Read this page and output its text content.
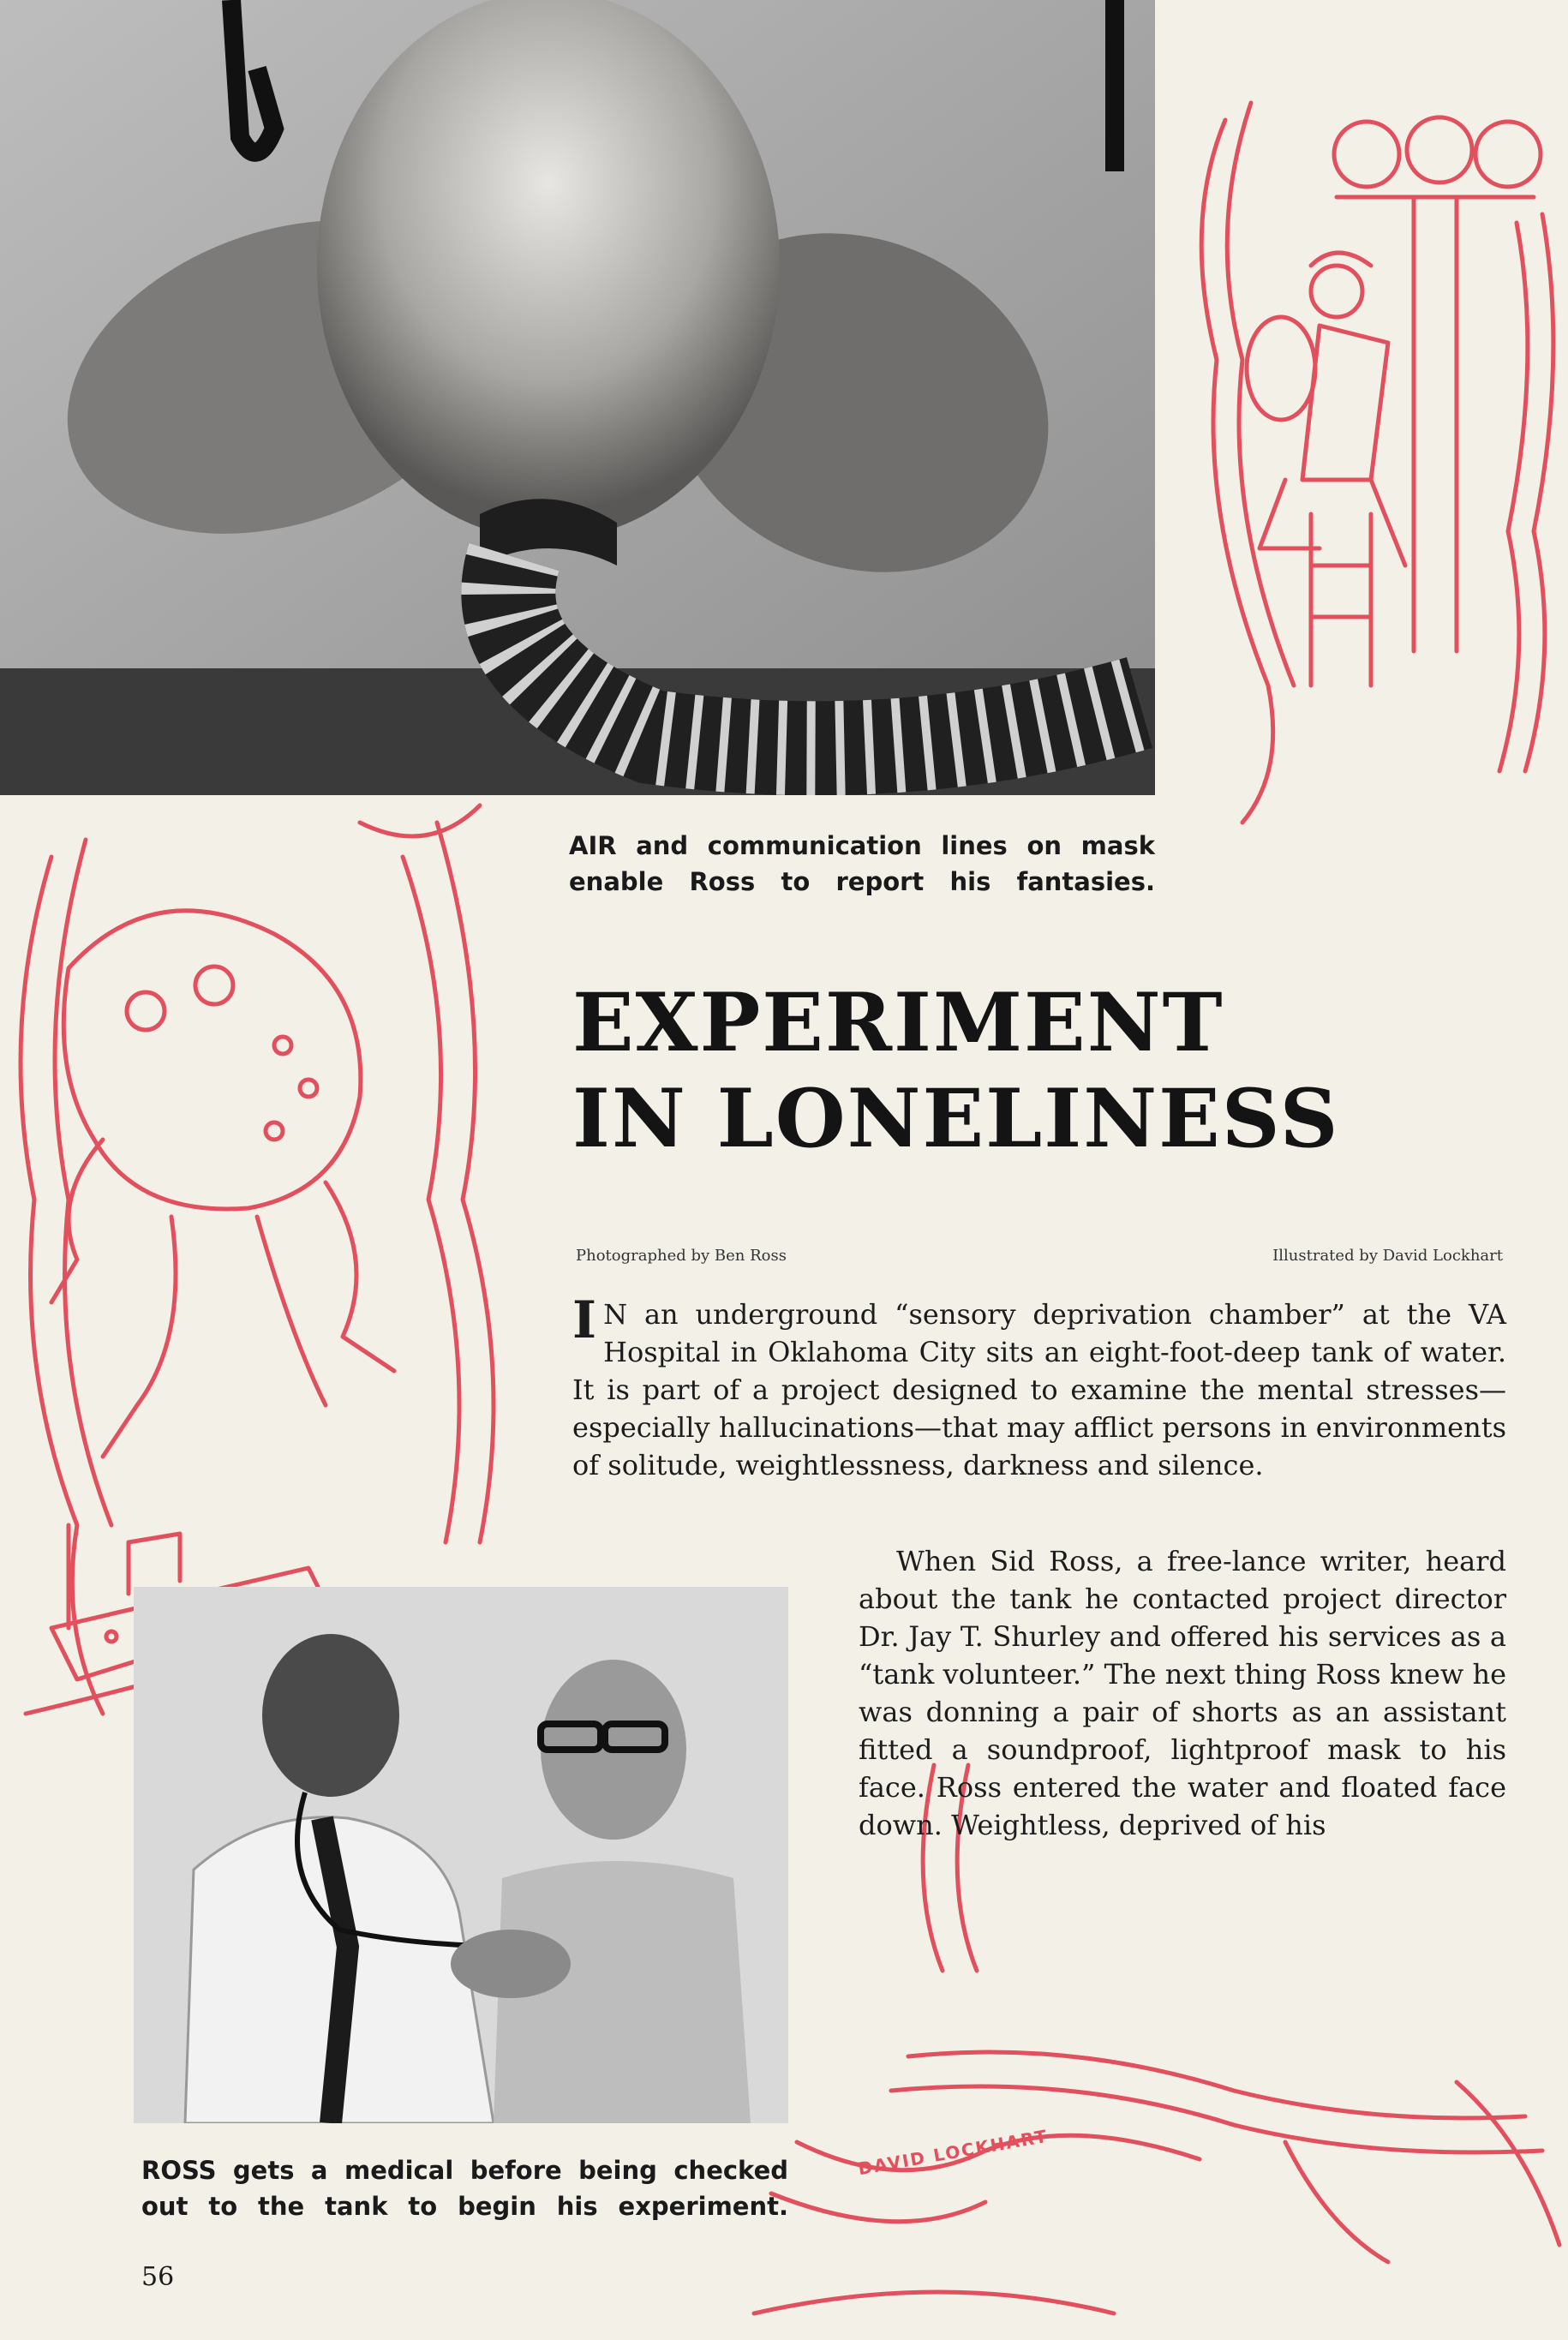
AIR and communication lines on mask enable Ross to report his fantasies.
EXPERIMENT
IN LONELINESS
Photographed by Ben Ross	Illustrated by David Lockhart
I N an underground “sensory deprivation chamber” at the VA Hospital in Oklahoma City sits an eight-foot-deep tank of water. It is part of a project designed to examine the mental stresses—especially hallucinations—that may afflict persons in environments of solitude, weightlessness, darkness and silence.
When Sid Ross, a free-lance writer, heard about the tank he contacted project director Dr. Jay T. Shurley and offered his services as a “tank volunteer.” The next thing Ross knew he was donning a pair of shorts as an assistant fitted a soundproof, lightproof mask to his face. Ross entered the water and floated face down. Weightless, deprived of his
ROSS gets a medical before being checked out to the tank to begin his experiment.
DAVID LOCKHART
56
